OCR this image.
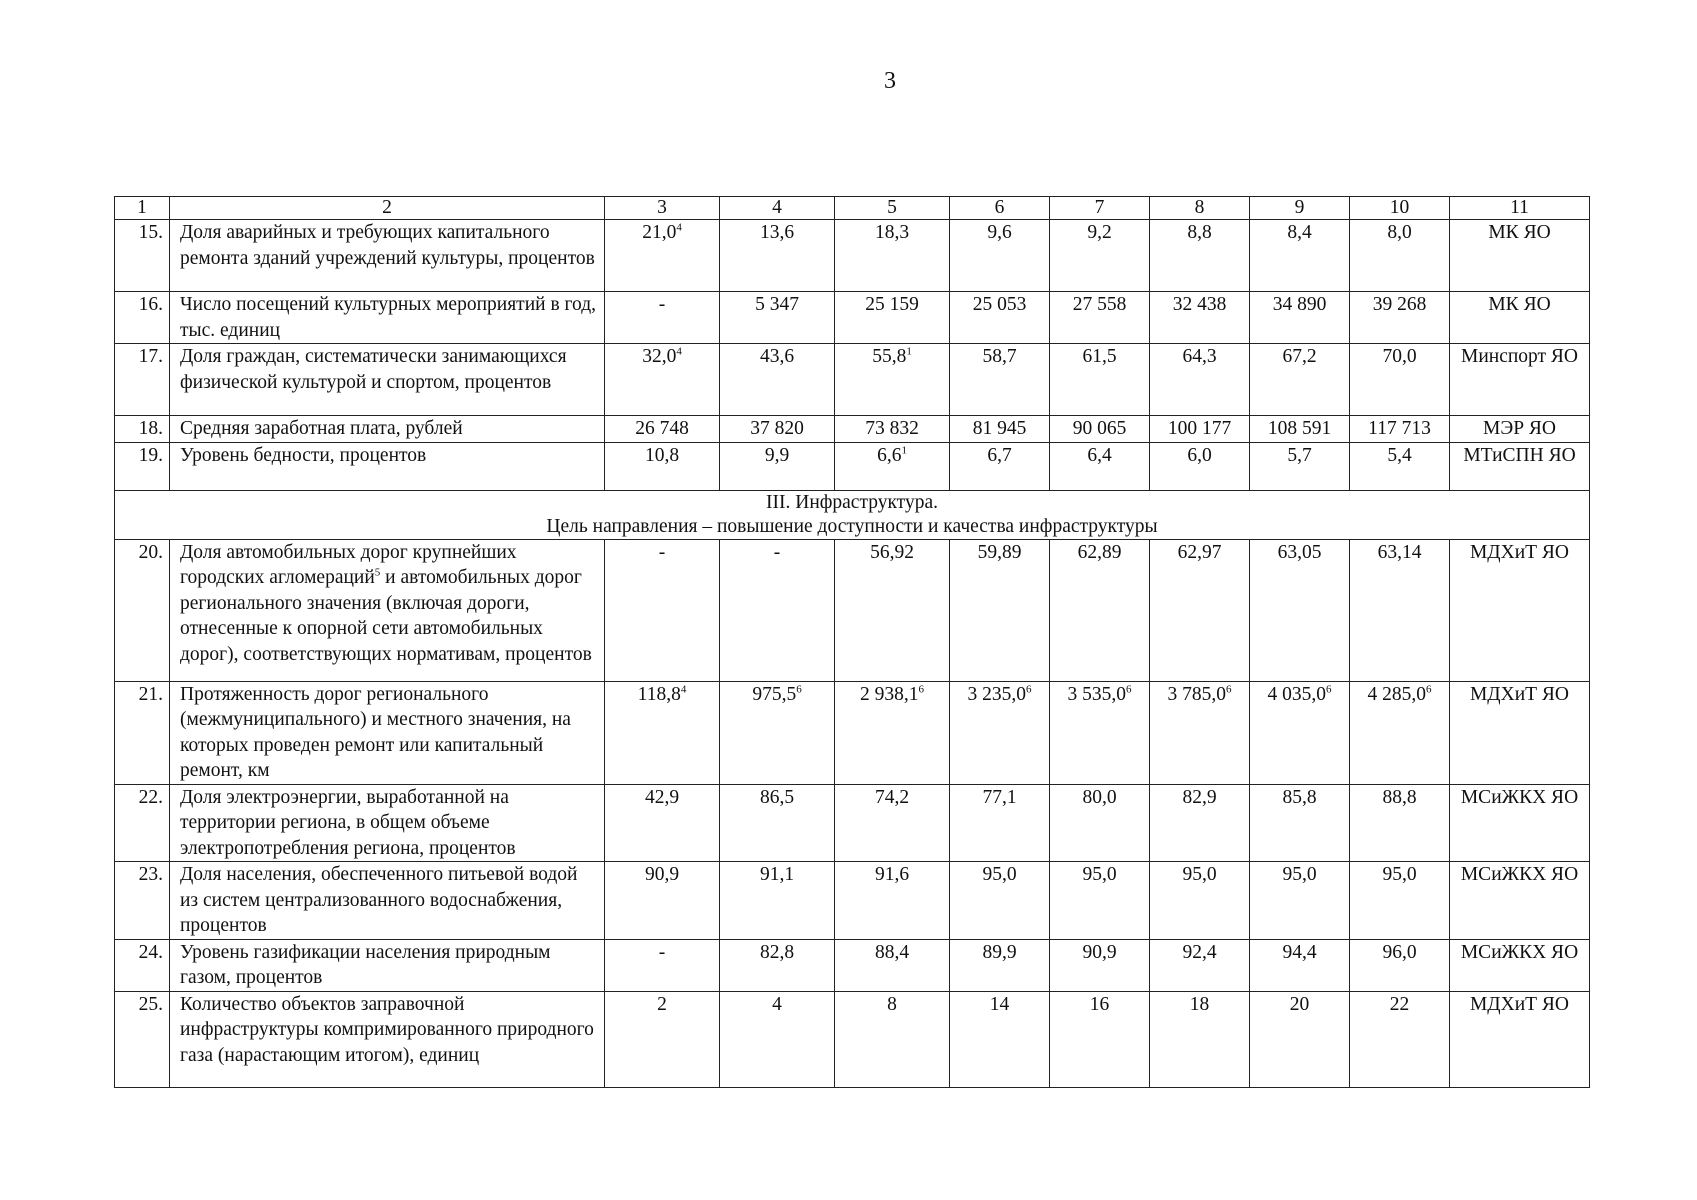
3
1	2	3	4	5	6	7	8	9	10	11
15.	Доля аварийных и требующих капитального ремонта зданий учреждений культуры, процентов	21,0$^4$	13,6	18,3	9,6	9,2	8,8	8,4	8,0	МК ЯО
16.	Число посещений культурных мероприятий в год, тыс. единиц	-	5 347	25 159	25 053	27 558	32 438	34 890	39 268	МК ЯО
17.	Доля граждан, систематически занимающихся физической культурой и спортом, процентов	32,0$^4$	43,6	55,8$^1$	58,7	61,5	64,3	67,2	70,0	Минспорт ЯО
18.	Средняя заработная плата, рублей	26 748	37 820	73 832	81 945	90 065	100 177	108 591	117 713	МЭР ЯО
19.	Уровень бедности, процентов	10,8	9,9	$6,6^1$	6,7	6,4	6,0	5,7	5,4	МТиСПН ЯО

III. Инфраструктура.
Цель направления – повышение доступности и качества инфраструктуры										

20.	Доля автомобильных дорог крупнейших городских агломераций$^5$ и автомобильных дорог регионального значения (включая дороги, отнесенные к опорной сети автомобильных дорог), соответствующих нормативам, процентов	-	-	56,92	59,89	62,89	62,97	63,05	63,14	МДХиТ ЯО
21.	Протяженность дорог регионального (межмуниципального) и местного значения, на которых проведен ремонт или капитальный ремонт, км	118,8$^4$	975,5$^6$	2 938,1$^6$	3 235,0$^6$	3 535,0$^6$	3 785,0$^6$	4 035,0$^6$	4 285,0$^6$	МДХиТ ЯО
22.	Доля электроэнергии, выработанной на территории региона, в общем объеме электропотребления региона, процентов	42,9	86,5	74,2	77,1	80,0	82,9	85,8	88,8	МСиЖКХ ЯО
23.	Доля населения, обеспеченного питьевой водой из систем централизованного водоснабжения, процентов	90,9	91,1	91,6	95,0	95,0	95,0	95,0	95,0	МСиЖКХ ЯО
24.	Уровень газификации населения природным газом, процентов	-	82,8	88,4	89,9	90,9	92,4	94,4	96,0	МСиЖКХ ЯО
25.	Количество объектов заправочной инфраструктуры компримированного природного газа (нарастающим итогом), единиц	2	4	8	14	16	18	20	22	МДХиТ ЯО
